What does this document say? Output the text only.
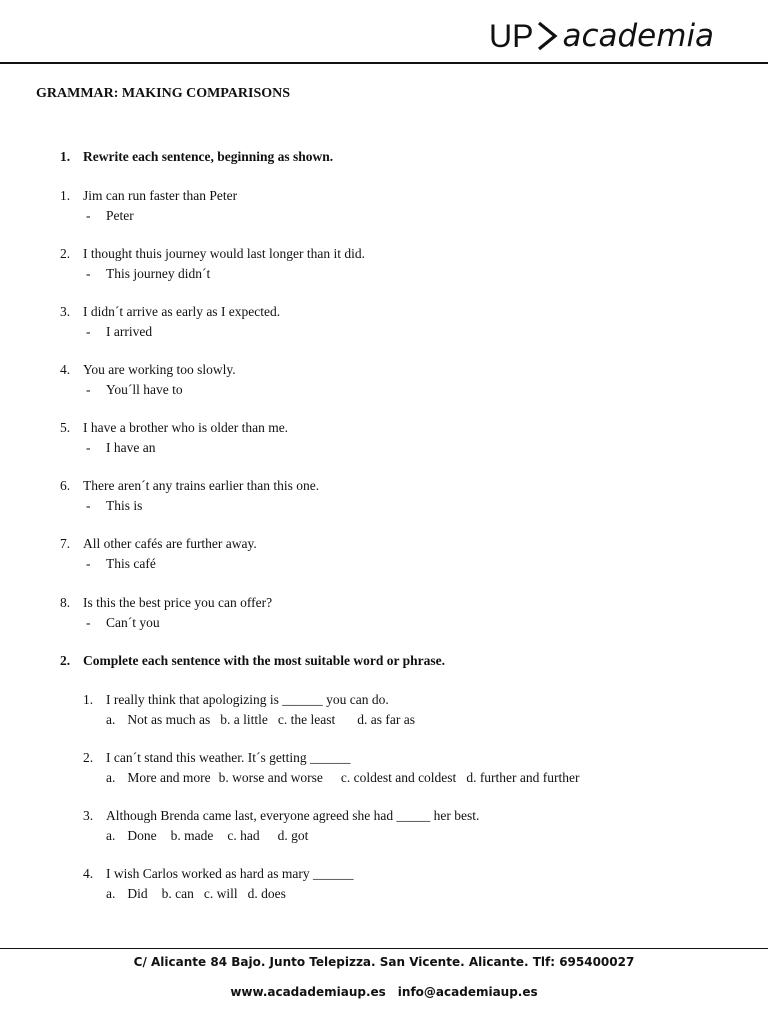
UP academia
GRAMMAR: MAKING COMPARISONS
1. Rewrite each sentence, beginning as shown.
1. Jim can run faster than Peter
- Peter
2. I thought thuis journey would last longer than it did.
- This journey didn´t
3. I didn´t arrive as early as I expected.
- I arrived
4. You are working too slowly.
- You´ll have to
5. I have a brother who is older than me.
- I have an
6. There aren´t any trains earlier than this one.
- This is
7. All other cafés are further away.
- This café
8. Is this the best price you can offer?
- Can´t you
2. Complete each sentence with the most suitable word or phrase.
1. I really think that apologizing is ______ you can do.
a. Not as much as b. a little c. the least d. as far as
2. I can´t stand this weather. It´s getting ______
a. More and more b. worse and worse c. coldest and coldest d. further and further
3. Although Brenda came last, everyone agreed she had _____ her best.
a. Done b. made c. had d. got
4. I wish Carlos worked as hard as mary ______
a. Did b. can c. will d. does
C/ Alicante 84 Bajo. Junto Telepizza. San Vicente. Alicante. Tlf: 695400027
www.acadademiaup.es info@academiaup.es
